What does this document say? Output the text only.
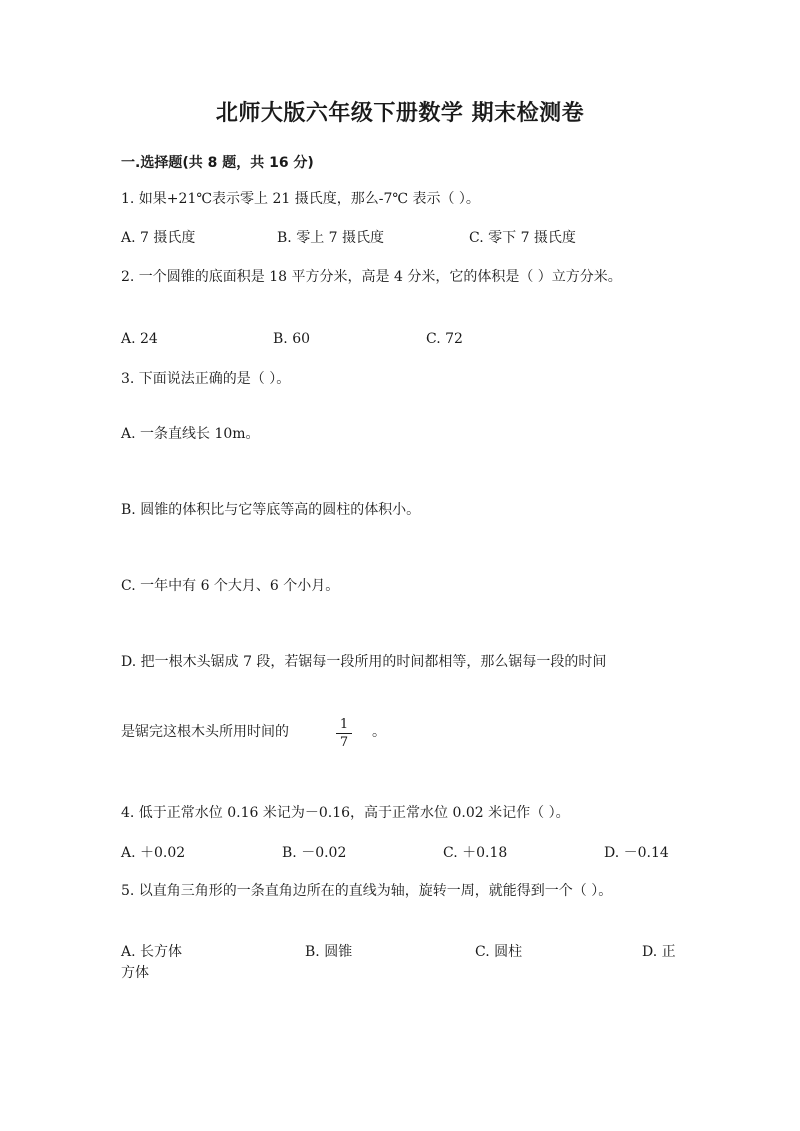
北师大版六年级下册数学 期末检测卷
一.选择题(共 8 题，共 16 分)
1. 如果+21℃表示零上 21 摄氏度，那么-7℃ 表示（ ）。
A. 7 摄氏度	B. 零上 7 摄氏度	C. 零下 7 摄氏度
2. 一个圆锥的底面积是 18 平方分米，高是 4 分米，它的体积是（ ）立方分米。
A. 24	B. 60	C. 72
3. 下面说法正确的是（ ）。
A. 一条直线长 10m。
B. 圆锥的体积比与它等底等高的圆柱的体积小。
C. 一年中有 6 个大月、6 个小月。
D. 把一根木头锯成 7 段，若锯每一段所用的时间都相等，那么锯每一段的时间
是锯完这根木头所用时间的	1
7
。
4. 低于正常水位 0.16 米记为－0.16，高于正常水位 0.02 米记作（ ）。
A. ＋0.02	B. －0.02	C. ＋0.18	D. －0.14
5. 以直角三角形的一条直角边所在的直线为轴，旋转一周，就能得到一个（ ）。
A. 长方体	B. 圆锥	C. 圆柱	D. 正
方体
